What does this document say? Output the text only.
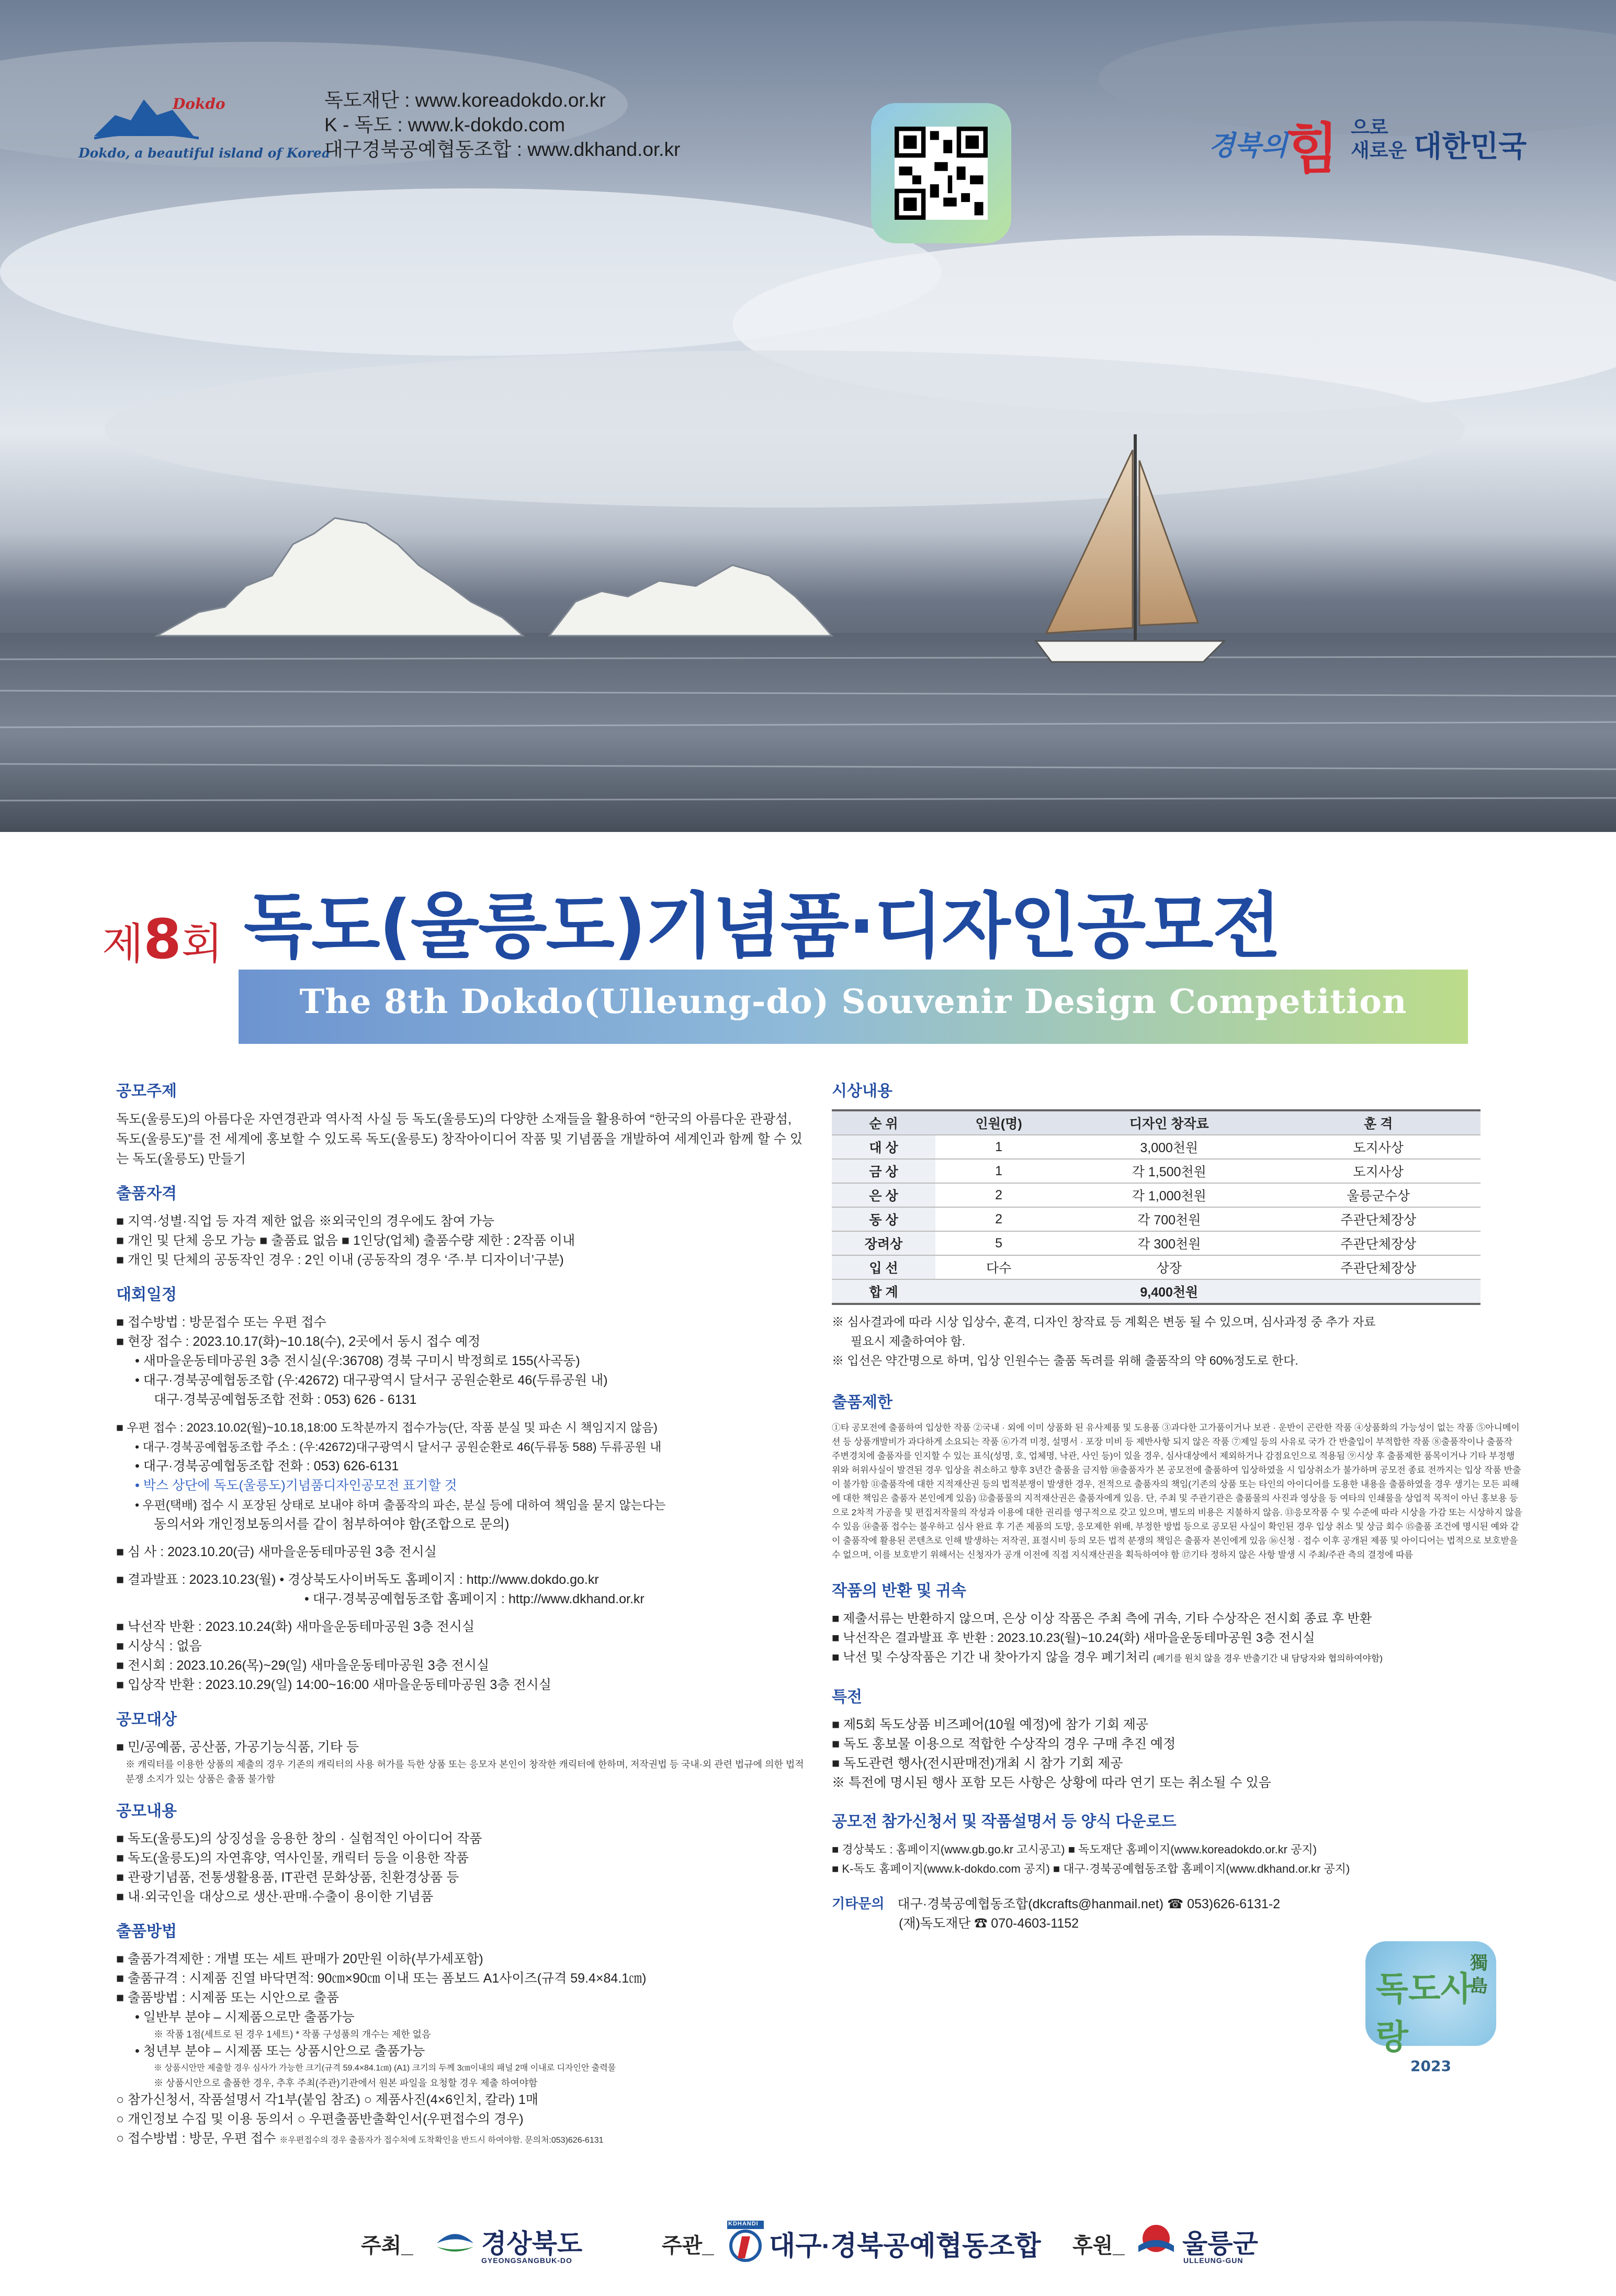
Dokdo
Dokdo, a beautiful island of Korea
독도재단 : www.koreadokdo.or.kr
K - 독도 : www.k-dokdo.com
대구경북공예협동조합 : www.dkhand.or.kr	경북의
힘 으로 새로운 대한민국
제8회 독도(울릉도)기념품·디자인공모전
The 8th Dokdo(Ulleung-do) Souvenir Design Competition
공모주제
독도(울릉도)의 아름다운 자연경관과 역사적 사실 등 독도(울릉도)의 다양한 소재들을 활용하여 “한국의 아름다운 관광섬, 독도(울릉도)”를 전 세계에 홍보할 수 있도록 독도(울릉도) 창작아이디어 작품 및 기념품을 개발하여 세계인과 함께 할 수 있는 독도(울릉도) 만들기
출품자격
■ 지역·성별·직업 등 자격 제한 없음 ※외국인의 경우에도 참여 가능
■ 개인 및 단체 응모 가능 ■ 출품료 없음 ■ 1인당(업체) 출품수량 제한 : 2작품 이내
■ 개인 및 단체의 공동작인 경우 : 2인 이내 (공동작의 경우 ‘주·부 디자이너’구분)
대회일정
■ 접수방법 : 방문접수 또는 우편 접수
■ 현장 접수 : 2023.10.17(화)~10.18(수), 2곳에서 동시 접수 예정
• 새마을운동테마공원 3층 전시실(우:36708) 경북 구미시 박정희로 155(사곡동)
• 대구·경북공예협동조합 (우:42672) 대구광역시 달서구 공원순환로 46(두류공원 내)
대구·경북공예협동조합 전화 : 053) 626 - 6131
■ 우편 접수 : 2023.10.02(월)~10.18,18:00 도착분까지 접수가능(단, 작품 분실 및 파손 시 책임지지 않음)
• 대구·경북공예협동조합 주소 : (우:42672)대구광역시 달서구 공원순환로 46(두류동 588) 두류공원 내
• 대구·경북공예협동조합 전화 : 053) 626-6131
• 박스 상단에 독도(울릉도)기념품디자인공모전 표기할 것
• 우편(택배) 접수 시 포장된 상태로 보내야 하며 출품작의 파손, 분실 등에 대하여 책임을 묻지 않는다는
동의서와 개인정보동의서를 같이 첨부하여야 함(조합으로 문의)
■ 심 사 : 2023.10.20(금) 새마을운동테마공원 3층 전시실
■ 결과발표 : 2023.10.23(월) • 경상북도사이버독도 홈페이지 : http://www.dokdo.go.kr
• 대구·경북공예협동조합 홈페이지 : http://www.dkhand.or.kr
■ 낙선작 반환 : 2023.10.24(화) 새마을운동테마공원 3층 전시실
■ 시상식 : 없음
■ 전시회 : 2023.10.26(목)~29(일) 새마을운동테마공원 3층 전시실
■ 입상작 반환 : 2023.10.29(일) 14:00~16:00 새마을운동테마공원 3층 전시실
공모대상
■ 민/공예품, 공산품, 가공기능식품, 기타 등
※ 캐릭터를 이용한 상품의 제출의 경우 기존의 캐릭터의 사용 허가를 득한 상품 또는 응모자 본인이 창작한 캐릭터에 한하며, 저작권법 등 국내·외 관련 법규에 의한 법적 분쟁 소지가 있는 상품은 출품 불가함
공모내용
■ 독도(울릉도)의 상징성을 응용한 창의 · 실험적인 아이디어 작품
■ 독도(울릉도)의 자연휴양, 역사인물, 캐릭터 등을 이용한 작품
■ 관광기념품, 전통생활용품, IT관련 문화상품, 친환경상품 등
■ 내·외국인을 대상으로 생산·판매·수출이 용이한 기념품
출품방법
■ 출품가격제한 : 개별 또는 세트 판매가 20만원 이하(부가세포함)
■ 출품규격 : 시제품 진열 바닥면적: 90㎝×90㎝ 이내 또는 폼보드 A1사이즈(규격 59.4×84.1㎝)
■ 출품방법 : 시제품 또는 시안으로 출품
• 일반부 분야 – 시제품으로만 출품가능
※ 작품 1점(세트로 된 경우 1세트) * 작품 구성품의 개수는 제한 없음
• 청년부 분야 – 시제품 또는 상품시안으로 출품가능
※ 상품시안만 제출할 경우 심사가 가능한 크기(규격 59.4×84.1㎝) (A1) 크기의 두께 3㎝이내의 패널 2매 이내로 디자인안 출력물
※ 상품시안으로 출품한 경우, 추후 주최(주관)기관에서 원본 파일을 요청할 경우 제출 하여야함
○ 참가신청서, 작품설명서 각1부(붙임 참조) ○ 제품사진(4×6인치, 칼라) 1매
○ 개인정보 수집 및 이용 동의서 ○ 우편출품반출확인서(우편접수의 경우)
○ 접수방법 : 방문, 우편 접수 ※우편접수의 경우 출품자가 접수처에 도착확인을 반드시 하여야함. 문의처:053)626-6131
시상내용
순 위	인원(명)	디자인 창작료	훈 격
대 상	1	3,000천원	도지사상
금 상	1	각 1,500천원	도지사상
은 상	2	각 1,000천원	울릉군수상
동 상	2	각 700천원	주관단체장상
장려상	5	각 300천원	주관단체장상
입 선	다수	상장	주관단체장상
합 계		9,400천원	
※ 심사결과에 따라 시상 입상수, 훈격, 디자인 창작료 등 계획은 변동 될 수 있으며, 심사과정 중 추가 자료
필요시 제출하여야 함.
※ 입선은 약간명으로 하며, 입상 인원수는 출품 독려를 위해 출품작의 약 60%정도로 한다.
출품제한
①타 공모전에 출품하여 입상한 작품 ②국내 · 외에 이미 상품화 된 유사제품 및 도용품 ③과다한 고가품이거나 보관 · 운반이 곤란한 작품 ④상품화의 가능성이 없는 작품 ⑤아니메이션 등 상품개발비가 과다하게 소요되는 작품 ⑥가격 미정, 설명서 · 포장 미비 등 제반사항 되지 않은 작품 ⑦제일 등의 사유로 국가 간 반출입이 부적합한 작품 ⑧출품작이나 출품작 주변경치에 출품자를 인지할 수 있는 표식(성명, 호, 업체명, 낙관, 사인 등)이 있을 경우, 심사대상에서 제외하거나 감점요인으로 적용됨 ⑨시상 후 출품제한 품목이거나 기타 부정행위와 허위사실이 발견된 경우 입상을 취소하고 향후 3년간 출품을 금지함 ⑩출품자가 본 공모전에 출품하여 입상하였을 시 입상취소가 불가하며 공모전 종료 전까지는 입상 작품 반출이 불가함 ⑪출품작에 대한 지적재산권 등의 법적분쟁이 발생한 경우, 전적으로 출품자의 책임(기존의 상품 또는 타인의 아이디어를 도용한 내용을 출품하였을 경우 생기는 모든 피해에 대한 책임은 출품자 본인에게 있음) ⑫출품물의 지적재산권은 출품자에게 있음. 단, 주최 및 주관기관은 출품물의 사진과 영상을 등 여타의 인쇄물을 상업적 목적이 아닌 홍보용 등으로 2차적 가공을 및 편집저작물의 작성과 이용에 대한 권리를 영구적으로 갖고 있으며, 별도의 비용은 지불하지 않음. ⑬응모작품 수 및 수준에 따라 시상을 가감 또는 시상하지 않을 수 있음 ⑭출품 접수는 불우하고 심사 완료 후 기존 제품의 도망, 응모제한 위배, 부정한 방법 등으로 공모된 사실이 확인된 경우 입상 취소 및 상금 회수 ⑮출품 조건에 명시된 예와 같이 출품작에 활용된 콘텐츠로 인해 발생하는 저작권, 표절시비 등의 모든 법적 분쟁의 책임은 출품자 본인에게 있음 ⑯신청 · 접수 이후 공개된 제품 및 아이디어는 법적으로 보호받을 수 없으며, 이를 보호받기 위해서는 신청자가 공개 이전에 직접 지식재산권을 획득하여야 함 ⑰기타 정하지 않은 사항 발생 시 주최/주관 측의 결정에 따름
작품의 반환 및 귀속
■ 제출서류는 반환하지 않으며, 은상 이상 작품은 주최 측에 귀속, 기타 수상작은 전시회 종료 후 반환
■ 낙선작은 결과발표 후 반환 : 2023.10.23(월)~10.24(화) 새마을운동테마공원 3층 전시실
■ 낙선 및 수상작품은 기간 내 찾아가지 않을 경우 폐기처리 (폐기를 원치 않을 경우 반출기간 내 담당자와 협의하여야함)
특전
■ 제5회 독도상품 비즈페어(10월 예정)에 참가 기회 제공
■ 독도 홍보물 이용으로 적합한 수상작의 경우 구매 추진 예정
■ 독도관련 행사(전시판매전)개최 시 참가 기회 제공
※ 특전에 명시된 행사 포함 모든 사항은 상황에 따라 연기 또는 취소될 수 있음
공모전 참가신청서 및 작품설명서 등 양식 다운로드
■ 경상북도 : 홈페이지(www.gb.go.kr 고시공고) ■ 독도재단 홈페이지(www.koreadokdo.or.kr 공지)
■ K-독도 홈페이지(www.k-dokdo.com 공지) ■ 대구·경북공예협동조합 홈페이지(www.dkhand.or.kr 공지)
기타문의 대구·경북공예협동조합(dkcrafts@hanmail.net) ☎ 053)626-6131-2
(재)독도재단 ☎ 070-4603-1152
독도사랑
獨島
2023
주최_	경상북도
GYEONGSANGBUK-DO
주관_
KDHANDI
대구·경북공예협동조합 후원_ 울릉군
ULLEUNG-GUN
